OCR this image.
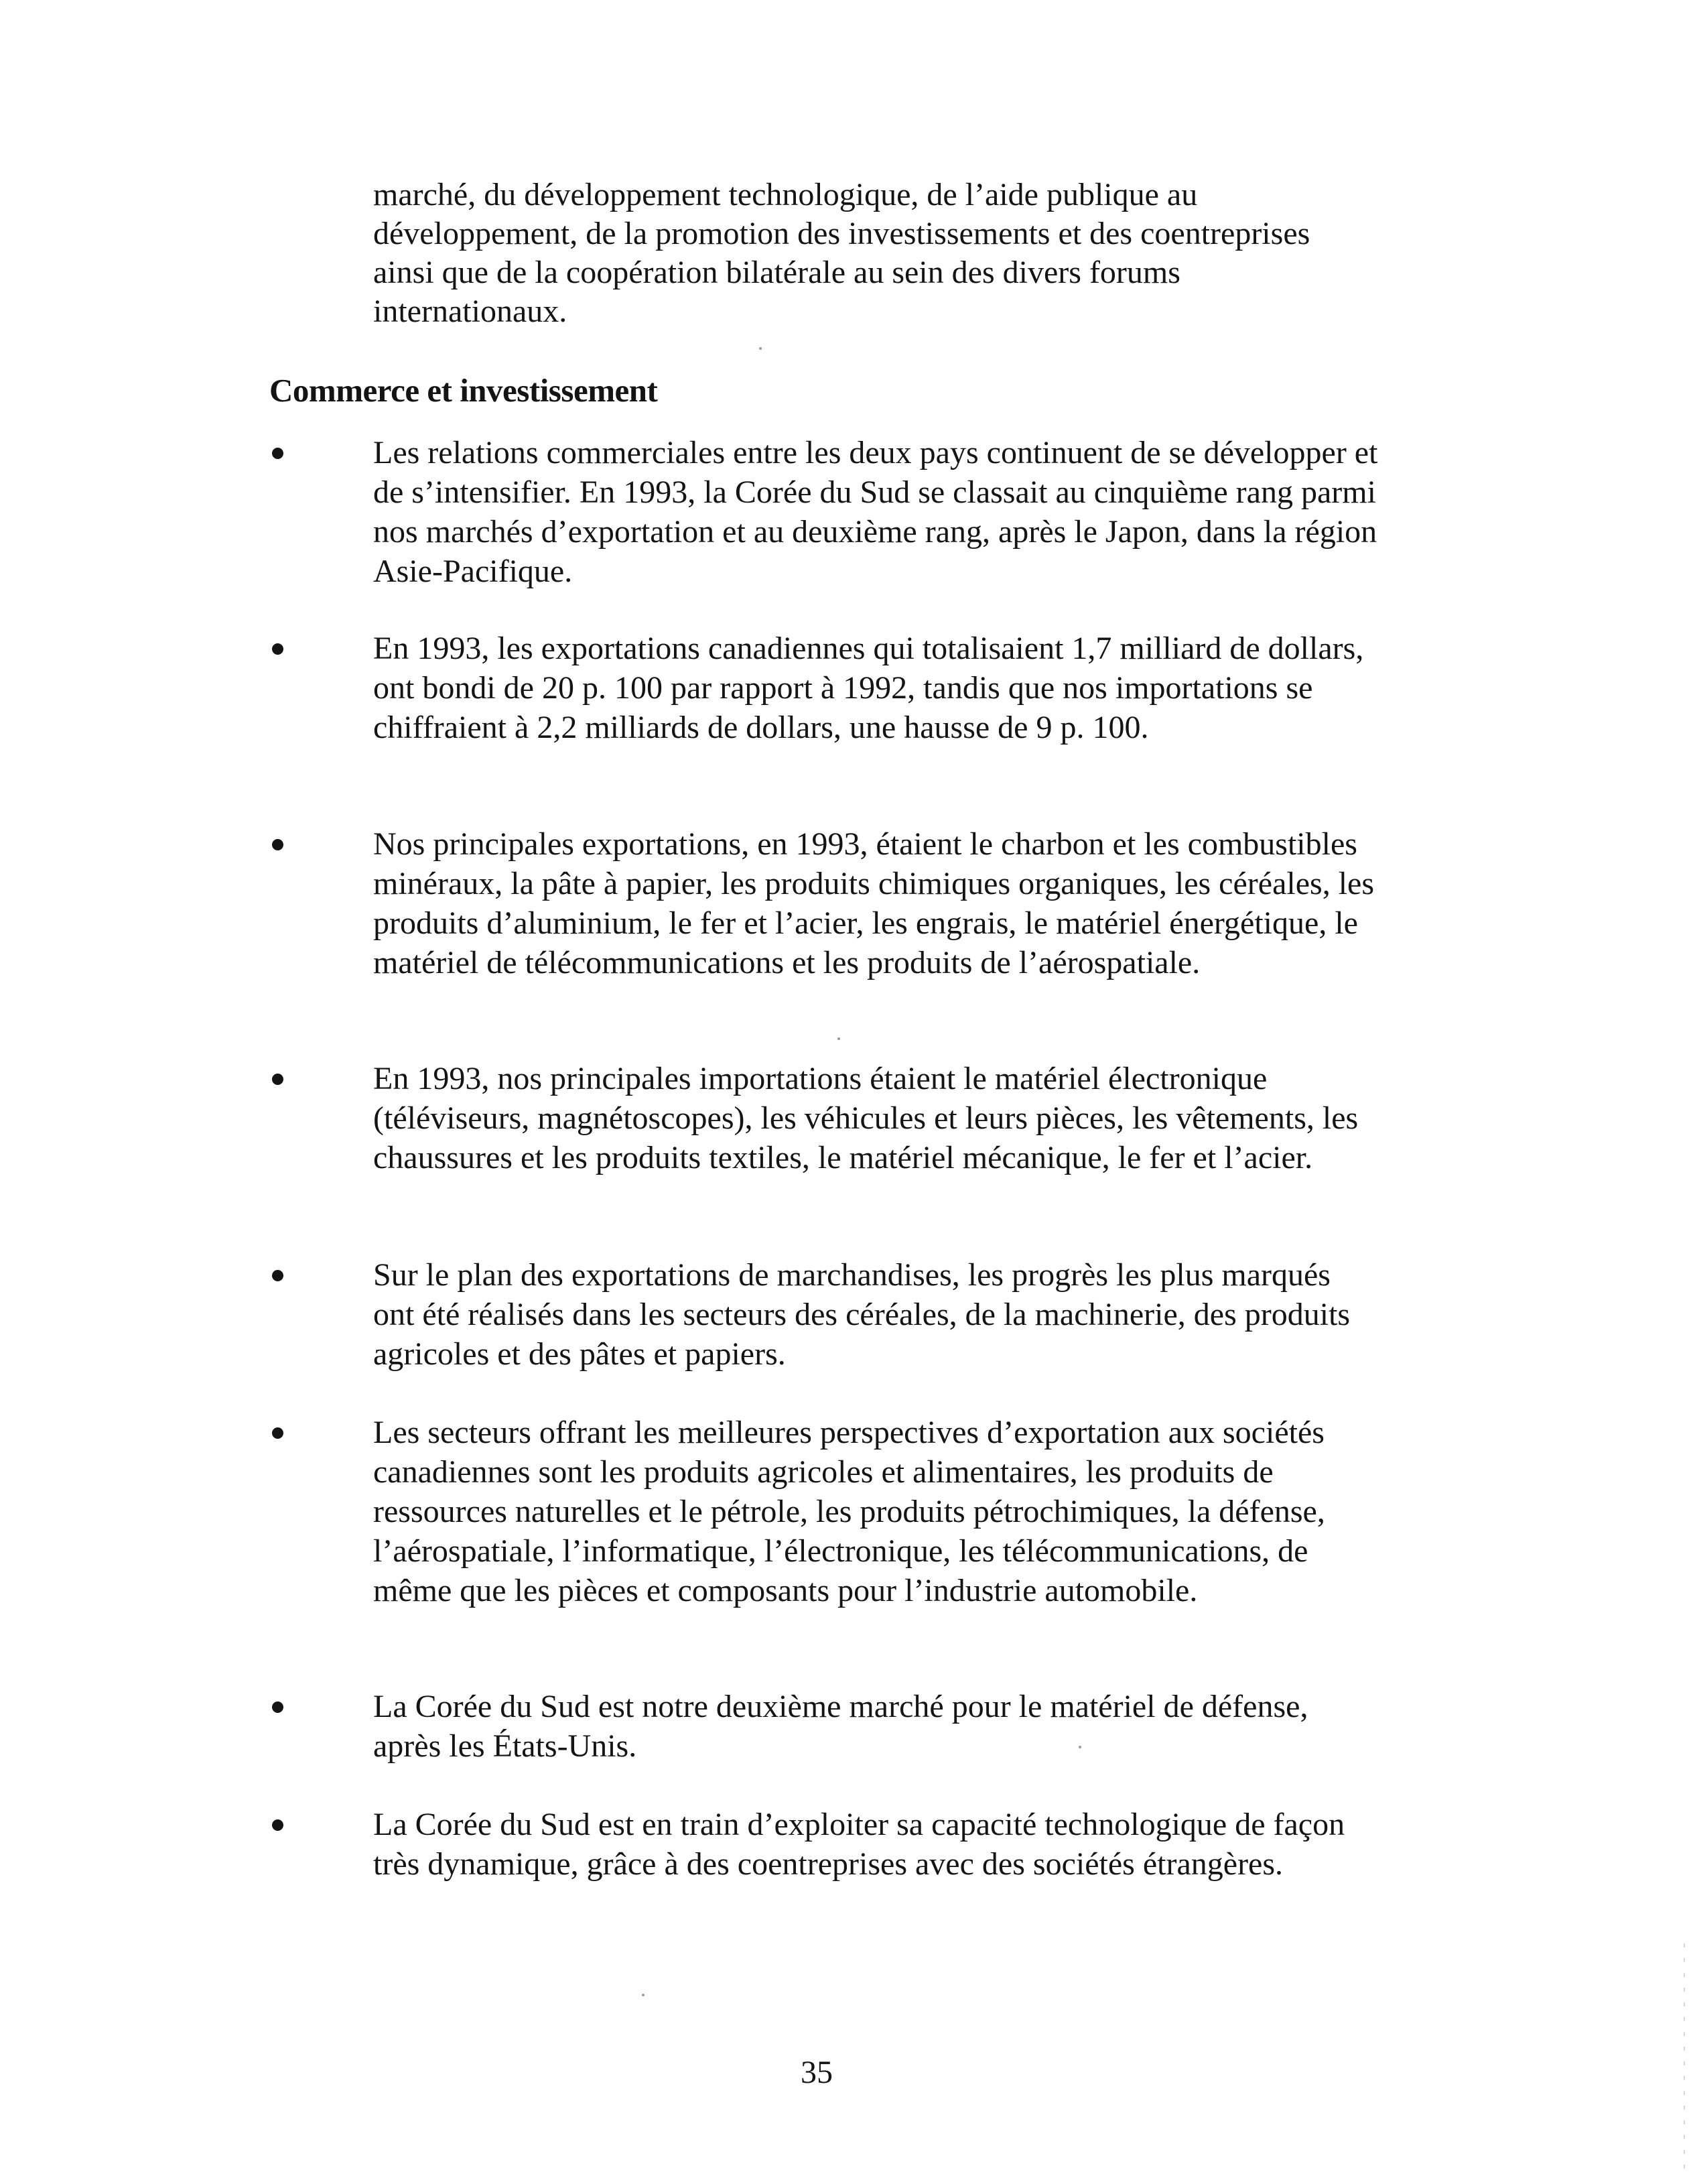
marché, du développement technologique, de l’aide publique au développement, de la promotion des investissements et des coentreprises ainsi que de la coopération bilatérale au sein des divers forums internationaux.

Commerce et investissement

Les relations commerciales entre les deux pays continuent de se développer et de s’intensifier. En 1993, la Corée du Sud se classait au cinquième rang parmi nos marchés d’exportation et au deuxième rang, après le Japon, dans la région Asie-Pacifique.

En 1993, les exportations canadiennes qui totalisaient 1,7 milliard de dollars, ont bondi de 20 p. 100 par rapport à 1992, tandis que nos importations se chiffraient à 2,2 milliards de dollars, une hausse de 9 p. 100.

Nos principales exportations, en 1993, étaient le charbon et les combustibles minéraux, la pâte à papier, les produits chimiques organiques, les céréales, les produits d’aluminium, le fer et l’acier, les engrais, le matériel énergétique, le matériel de télécommunications et les produits de l’aérospatiale.

En 1993, nos principales importations étaient le matériel électronique (téléviseurs, magnétoscopes), les véhicules et leurs pièces, les vêtements, les chaussures et les produits textiles, le matériel mécanique, le fer et l’acier.

Sur le plan des exportations de marchandises, les progrès les plus marqués ont été réalisés dans les secteurs des céréales, de la machinerie, des produits agricoles et des pâtes et papiers.

Les secteurs offrant les meilleures perspectives d’exportation aux sociétés canadiennes sont les produits agricoles et alimentaires, les produits de ressources naturelles et le pétrole, les produits pétrochimiques, la défense, l’aérospatiale, l’informatique, l’électronique, les télécommunications, de même que les pièces et composants pour l’industrie automobile.

La Corée du Sud est notre deuxième marché pour le matériel de défense, après les États-Unis.

La Corée du Sud est en train d’exploiter sa capacité technologique de façon très dynamique, grâce à des coentreprises avec des sociétés étrangères.

35
